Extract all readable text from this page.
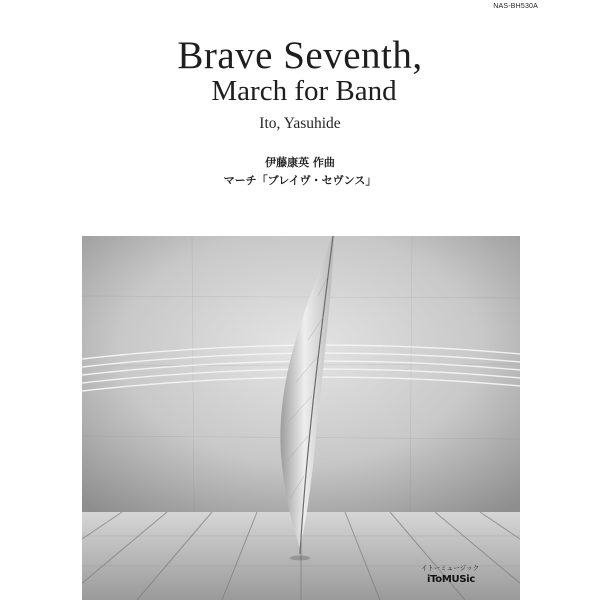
NAS-BH530A
Brave Seventh,
March for Band
Ito, Yasuhide
伊藤康英 作曲
マーチ「ブレイヴ・セヴンス」
イトーミュージック
iToMUSic
